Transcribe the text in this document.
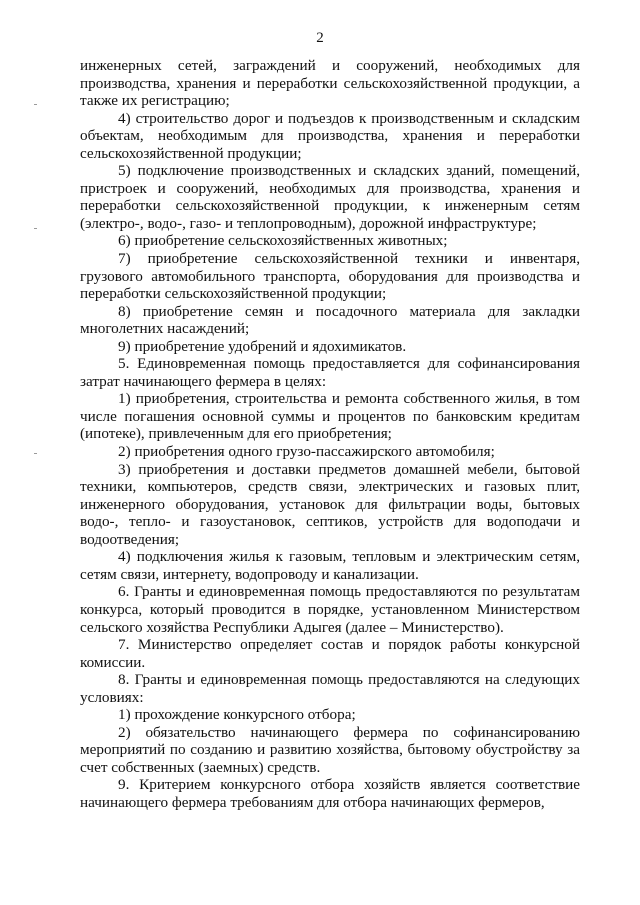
2

инженерных сетей, заграждений и сооружений, необходимых для производства, хранения и переработки сельскохозяйственной продукции, а также их регистрацию;

4) строительство дорог и подъездов к производственным и складским объектам, необходимым для производства, хранения и переработки сельскохозяйственной продукции;

5) подключение производственных и складских зданий, помещений, пристроек и сооружений, необходимых для производства, хранения и переработки сельскохозяйственной продукции, к инженерным сетям (электро-, водо-, газо- и теплопроводным), дорожной инфраструктуре;

6) приобретение сельскохозяйственных животных;

7) приобретение сельскохозяйственной техники и инвентаря, грузового автомобильного транспорта, оборудования для производства и переработки сельскохозяйственной продукции;

8) приобретение семян и посадочного материала для закладки многолетних насаждений;

9) приобретение удобрений и ядохимикатов.

5. Единовременная помощь предоставляется для софинансирования затрат начинающего фермера в целях:

1) приобретения, строительства и ремонта собственного жилья, в том числе погашения основной суммы и процентов по банковским кредитам (ипотеке), привлеченным для его приобретения;

2) приобретения одного грузо-пассажирского автомобиля;

3) приобретения и доставки предметов домашней мебели, бытовой техники, компьютеров, средств связи, электрических и газовых плит, инженерного оборудования, установок для фильтрации воды, бытовых водо-, тепло- и газоустановок, септиков, устройств для водоподачи и водоотведения;

4) подключения жилья к газовым, тепловым и электрическим сетям, сетям связи, интернету, водопроводу и канализации.

6. Гранты и единовременная помощь предоставляются по результатам конкурса, который проводится в порядке, установленном Министерством сельского хозяйства Республики Адыгея (далее – Министерство).

7. Министерство определяет состав и порядок работы конкурсной комиссии.

8. Гранты и единовременная помощь предоставляются на следующих условиях:

1) прохождение конкурсного отбора;

2) обязательство начинающего фермера по софинансированию мероприятий по созданию и развитию хозяйства, бытовому обустройству за счет собственных (заемных) средств.

9. Критерием конкурсного отбора хозяйств является соответствие начинающего фермера требованиям для отбора начинающих фермеров,
